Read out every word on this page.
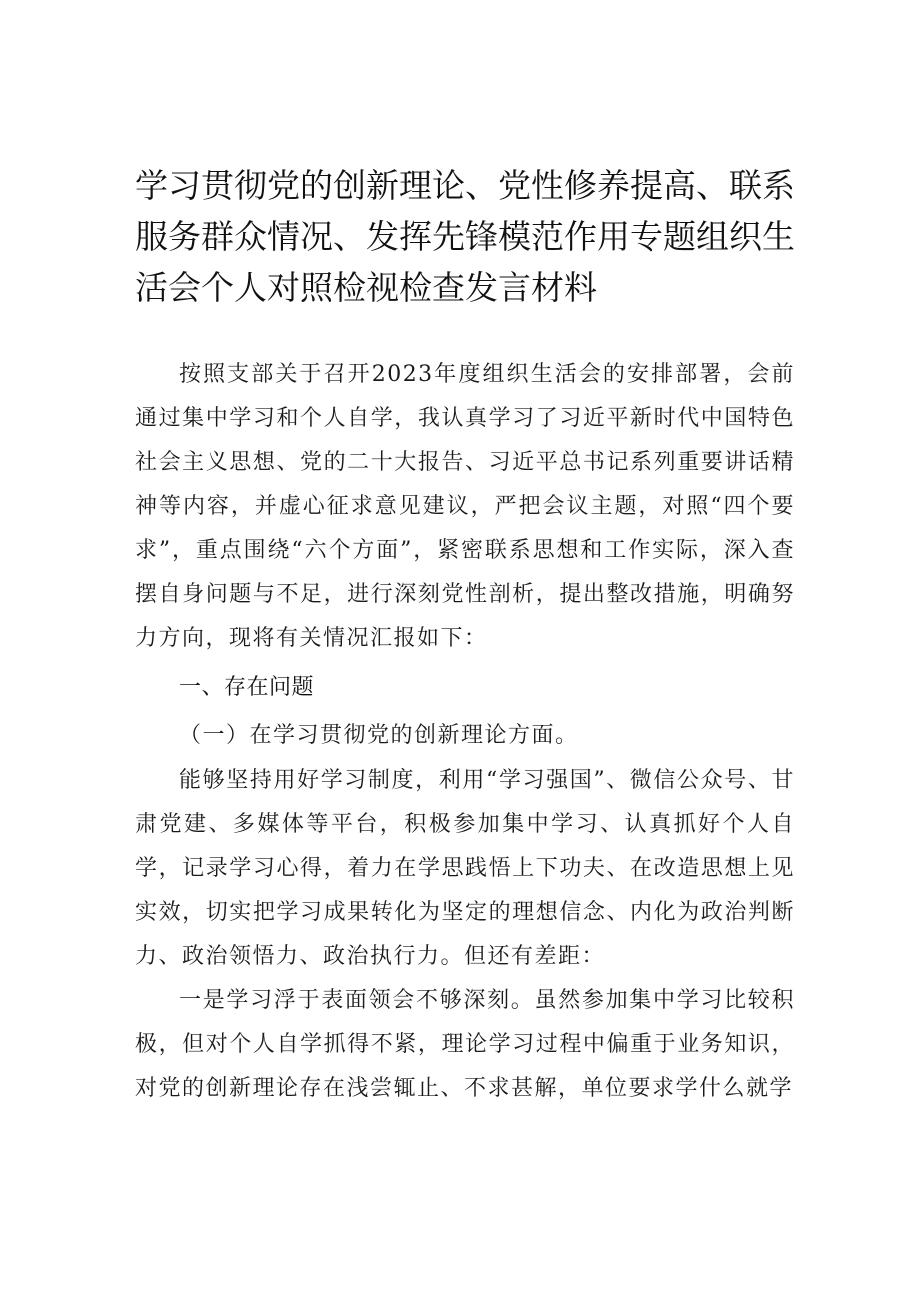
学习贯彻党的创新理论、党性修养提高、联系服务群众情况、发挥先锋模范作用专题组织生活会个人对照检视检查发言材料

按照支部关于召开2023年度组织生活会的安排部署，会前通过集中学习和个人自学，我认真学习了习近平新时代中国特色社会主义思想、党的二十大报告、习近平总书记系列重要讲话精神等内容，并虚心征求意见建议，严把会议主题，对照“四个要求”，重点围绕“六个方面”，紧密联系思想和工作实际，深入查摆自身问题与不足，进行深刻党性剖析，提出整改措施，明确努力方向，现将有关情况汇报如下：

一、存在问题

（一）在学习贯彻党的创新理论方面。

能够坚持用好学习制度，利用“学习强国”、微信公众号、甘肃党建、多媒体等平台，积极参加集中学习、认真抓好个人自学，记录学习心得，着力在学思践悟上下功夫、在改造思想上见实效，切实把学习成果转化为坚定的理想信念、内化为政治判断力、政治领悟力、政治执行力。但还有差距：

一是学习浮于表面领会不够深刻。虽然参加集中学习比较积极，但对个人自学抓得不紧，理论学习过程中偏重于业务知识，对党的创新理论存在浅尝辄止、不求甚解，单位要求学什么就学
